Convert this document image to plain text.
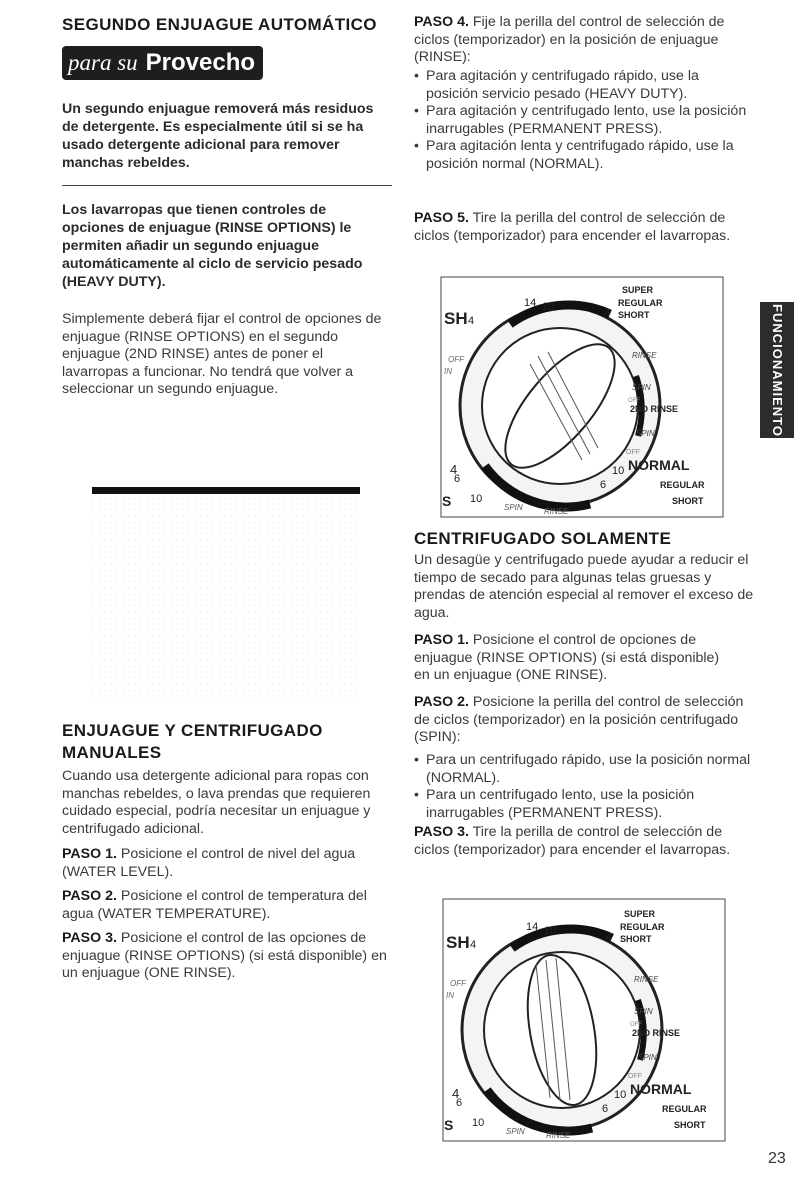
SEGUNDO ENJUAGUE AUTOMÁTICO
para su Provecho

Un segundo enjuague removerá más residuos de detergente. Es especialmente útil si se ha usado detergente adicional para remover manchas rebeldes.

Los lavarropas que tienen controles de opciones de enjuague (RINSE OPTIONS) le permiten añadir un segundo enjuague automáticamente al ciclo de servicio pesado (HEAVY DUTY).

Simplemente deberá fijar el control de opciones de enjuague (RINSE OPTIONS) en el segundo enjuague (2ND RINSE) antes de poner el lavarropas a funcionar. No tendrá que volver a seleccionar un segundo enjuague.

ENJUAGUE Y CENTRIFUGADO MANUALES

Cuando usa detergente adicional para ropas con manchas rebeldes, o lava prendas que requieren cuidado especial, podría necesitar un enjuague y centrifugado adicional.

PASO 1. Posicione el control de nivel del agua (WATER LEVEL).

PASO 2. Posicione el control de temperatura del agua (WATER TEMPERATURE).

PASO 3. Posicione el control de las opciones de enjuague (RINSE OPTIONS) (si está disponible) en un enjuague (ONE RINSE).

PASO 4. Fije la perilla del control de selección de ciclos (temporizador) en la posición de enjuague (RINSE):

• Para agitación y centrifugado rápido, use la posición servicio pesado (HEAVY DUTY).
• Para agitación y centrifugado lento, use la posición inarrugables (PERMANENT PRESS).
• Para agitación lenta y centrifugado rápido, use la posición normal (NORMAL).

PASO 5. Tire la perilla del control de selección de ciclos (temporizador) para encender el lavarropas.

CENTRIFUGADO SOLAMENTE

Un desagüe y centrifugado puede ayudar a reducir el tiempo de secado para algunas telas gruesas y prendas de atención especial al remover el exceso de agua.

PASO 1. Posicione el control de opciones de enjuague (RINSE OPTIONS) (si está disponible) en un enjuague (ONE RINSE).

PASO 2. Posicione la perilla del control de selección de ciclos (temporizador) en la posición centrifugado (SPIN):

• Para un centrifugado rápido, use la posición normal (NORMAL).
• Para un centrifugado lento, use la posición inarrugables (PERMANENT PRESS).

PASO 3. Tire la perilla de control de selección de ciclos (temporizador) para encender el lavarropas.

SUPER
REGULAR
SHORT
14 10	4
SH 4
OFF
IN
RINSE
SPIN
OFF
2ND RINSE
SPIN
OFF
10 NORMAL
REGULAR
6
SHORT
4
6
S 10
SPIN	RINSE
SUPER
REGULAR
SHORT
14 10	4
SH 4
OFF
IN
RINSE
SPIN
OFF
2ND RINSE
SPIN
OFF
10 NORMAL
REGULAR
6
SHORT
4
6
S 10
SPIN	RINSE
FUNCIONAMIENTO
23
